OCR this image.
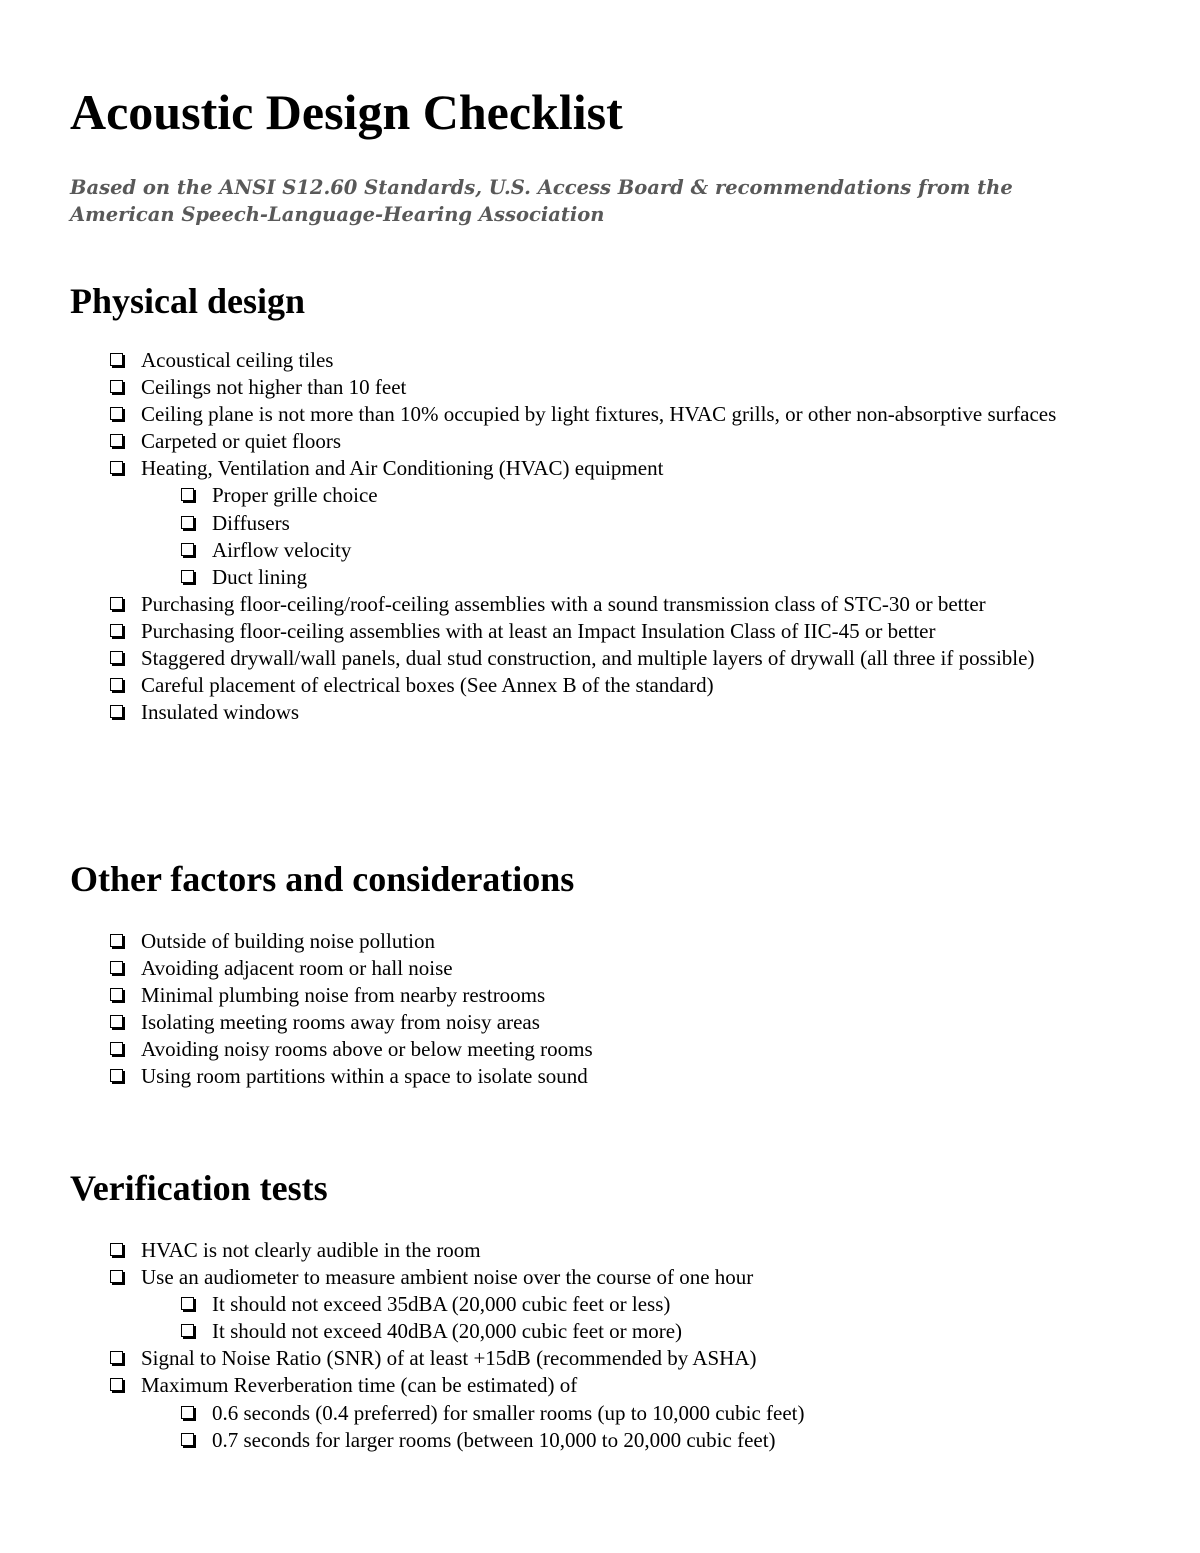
Acoustic Design Checklist

Based on the ANSI S12.60 Standards, U.S. Access Board & recommendations from the American Speech-Language-Hearing Association

Physical design
Acoustical ceiling tiles
Ceilings not higher than 10 feet
Ceiling plane is not more than 10% occupied by light fixtures, HVAC grills, or other non-absorptive surfaces
Carpeted or quiet floors
Heating, Ventilation and Air Conditioning (HVAC) equipment
Proper grille choice
Diffusers
Airflow velocity
Duct lining
Purchasing floor-ceiling/roof-ceiling assemblies with a sound transmission class of STC-30 or better
Purchasing floor-ceiling assemblies with at least an Impact Insulation Class of IIC-45 or better
Staggered drywall/wall panels, dual stud construction, and multiple layers of drywall (all three if possible)
Careful placement of electrical boxes (See Annex B of the standard)
Insulated windows
Other factors and considerations
Outside of building noise pollution
Avoiding adjacent room or hall noise
Minimal plumbing noise from nearby restrooms
Isolating meeting rooms away from noisy areas
Avoiding noisy rooms above or below meeting rooms
Using room partitions within a space to isolate sound
Verification tests
HVAC is not clearly audible in the room
Use an audiometer to measure ambient noise over the course of one hour
It should not exceed 35dBA (20,000 cubic feet or less)
It should not exceed 40dBA (20,000 cubic feet or more)
Signal to Noise Ratio (SNR) of at least +15dB (recommended by ASHA)
Maximum Reverberation time (can be estimated) of
0.6 seconds (0.4 preferred) for smaller rooms (up to 10,000 cubic feet)
0.7 seconds for larger rooms (between 10,000 to 20,000 cubic feet)
